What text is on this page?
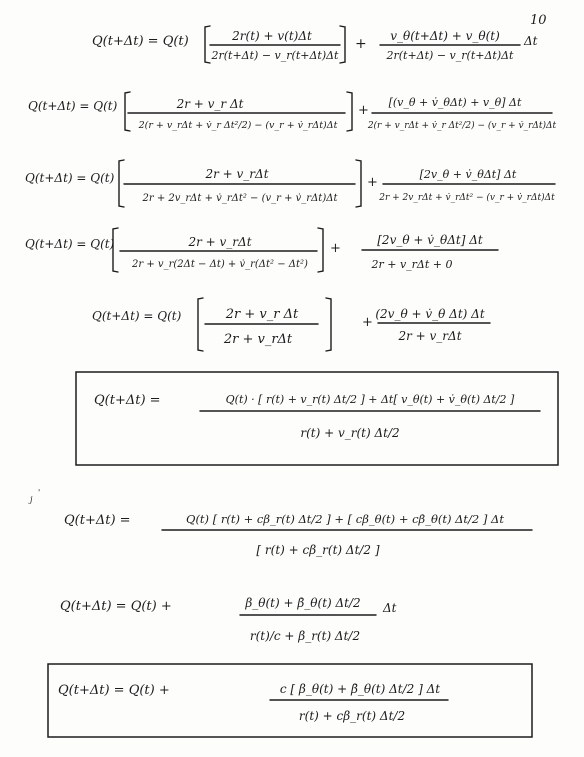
10
Q(t+Δt) = Q(t)	2r(t) + v(t)Δt
2r(t+Δt) − v_r(t+Δt)Δt
+ v_θ(t+Δt) + v_θ(t)
2r(t+Δt) − v_r(t+Δt)Δt
Δt
Q(t+Δt) = Q(t)	2r + v_r Δt
2(r + v_rΔt + v̇_r Δt²/2) − (v_r + v̇_rΔt)Δt
+
[(v_θ + v̇_θΔt) + v_θ] Δt
2(r + v_rΔt + v̇_r Δt²/2) − (v_r + v̇_rΔt)Δt
Q(t+Δt) = Q(t)	2r + v_rΔt
2r + 2v_rΔt + v̇_rΔt² − (v_r + v̇_rΔt)Δt
+
[2v_θ + v̇_θΔt] Δt
2r + 2v_rΔt + v̇_rΔt² − (v_r + v̇_rΔt)Δt
Q(t+Δt) = Q(t)	2r + v_rΔt
2r + v_r(2Δt − Δt) + v̇_r(Δt² − Δt²)
+
[2v_θ + v̇_θΔt] Δt
2r + v_rΔt + 0
Q(t+Δt) = Q(t)	2r + v_r Δt
2r + v_rΔt
+
(2v_θ + v̇_θ Δt) Δt
2r + v_rΔt
Q(t+Δt) =	Q(t) · [ r(t) + v_r(t) Δt/2 ] + Δt[ v_θ(t) + v̇_θ(t) Δt/2 ]
r(t) + v_r(t) Δt/2
j
'
Q(t+Δt) =	Q(t) [ r(t) + cβ_r(t) Δt/2 ] + [ cβ_θ(t) + cβ̇_θ(t) Δt/2 ] Δt
[ r(t) + cβ_r(t) Δt/2 ]
Q(t+Δt) = Q(t) +	β_θ(t) + β̇_θ(t) Δt/2 Δt
r(t)/c + β_r(t) Δt/2
Q(t+Δt) = Q(t) +	c [ β_θ(t) + β̇_θ(t) Δt/2 ] Δt
r(t) + cβ_r(t) Δt/2
